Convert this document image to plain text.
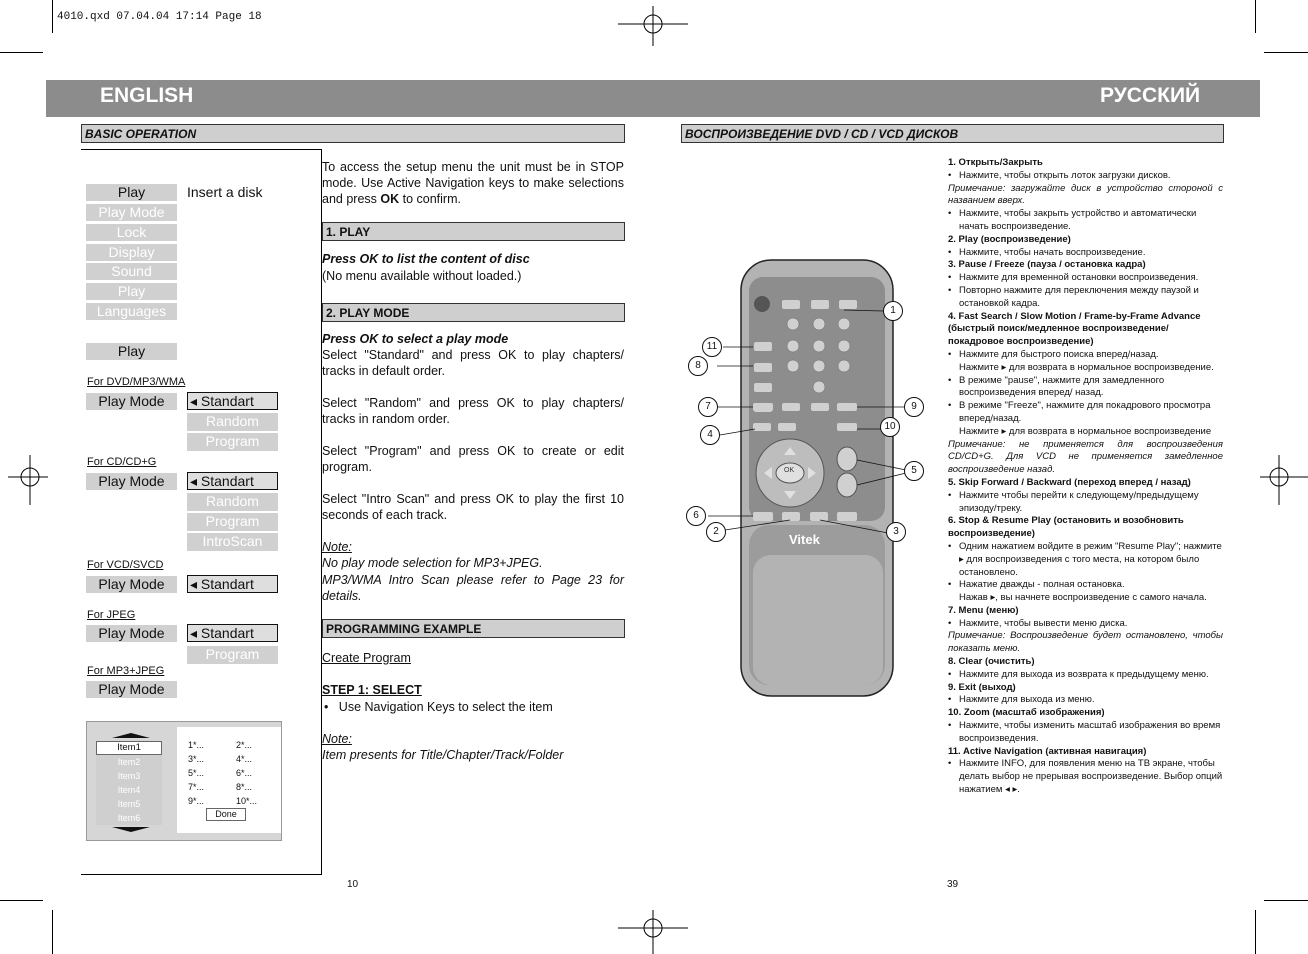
4010.qxd 07.04.04 17:14 Page 18
ENGLISH	РУССКИЙ
BASIC OPERATION
Play
Play Mode
Lock
Display
Sound
Play
Languages
Insert a disk
Play
For DVD/MP3/WMA
Play Mode	◂ Standart
Random
Program
For CD/CD+G
Play Mode	◂ Standart
Random
Program
IntroScan
For VCD/SVCD
Play Mode	◂ Standart
For JPEG
Play Mode	◂ Standart
Program
For MP3+JPEG
Play Mode
Item1
Item2
Item3
Item4
Item5
Item6
1*...	2*...
3*...	4*...
5*...	6*...
7*...	8*...
9*...	10*...
Done
To access the setup menu the unit must be in STOP mode. Use Active Navigation keys to make selections and press OK to confirm.
1. PLAY
Press OK to list the content of disc
(No menu available without loaded.)
2. PLAY MODE
Press OK to select a play mode
Select "Standard" and press OK to play chapters/ tracks in default order.
Select "Random" and press OK to play chapters/ tracks in random order.
Select "Program" and press OK to create or edit program.
Select "Intro Scan" and press OK to play the first 10 seconds of each track.
Note:
No play mode selection for MP3+JPEG.
MP3/WMA Intro Scan please refer to Page 23 for details.
PROGRAMMING EXAMPLE
Create Program
STEP 1: SELECT
•   Use Navigation Keys to select the item
Note:
Item presents for Title/Chapter/Track/Folder
10
ВОСПРОИЗВЕДЕНИЕ DVD / CD / VCD ДИСКОВ
Vitek
OK
1
2	3
4
5
6
7
8
9
10
11
1. Открыть/Закрыть
• Нажмите, чтобы открыть лоток загрузки дисков.
Примечание: загружайте диск в устройство стороной с названием вверх.
• Нажмите, чтобы закрыть устройство и автоматически начать воспроизведение.
2. Play (воспроизведение)
• Нажмите, чтобы начать воспроизведение.
3. Pause / Freeze (пауза / остановка кадра)
• Нажмите для временной остановки воспроизведения.
• Повторно нажмите для переключения между паузой и остановкой кадра.
4. Fast Search / Slow Motion / Frame-by-Frame Advance (быстрый поиск/медленное воспроизведение/ покадровое воспроизведение)
• Нажмите для быстрого поиска вперед/назад.
Нажмите ▸ для возврата в нормальное воспроизведение.
• В режиме "pause", нажмите для замедленного воспроизведения вперед/ назад.
• В режиме "Freeze", нажмите для покадрового просмотра вперед/назад.
Нажмите ▸ для возврата в нормальное воспроизведение
Примечание: не применяется для воспроизведения CD/CD+G. Для VCD не применяется замедленное воспроизведение назад.
5. Skip Forward / Backward (переход вперед / назад)
• Нажмите чтобы перейти к следующему/предыдущему эпизоду/треку.
6. Stop & Resume Play (остановить и возобновить воспроизведение)
• Одним нажатием войдите в режим "Resume Play"; нажмите ▸ для воспроизведения с того места, на котором было остановлено.
• Нажатие дважды - полная остановка.
Нажав ▸, вы начнете воспроизведение с самого начала.
7. Menu (меню)
• Нажмите, чтобы вывести меню диска.
Примечание: Воспроизведение будет остановлено, чтобы показать меню.
8. Clear (очистить)
• Нажмите для выхода из возврата к предыдущему меню.
9. Exit (выход)
• Нажмите для выхода из меню.
10. Zoom (масштаб изображения)
• Нажмите, чтобы изменить масштаб изображения во время воспроизведения.
11. Active Navigation (активная навигация)
• Нажмите INFO, для появления меню на ТВ экране, чтобы делать выбор не прерывая воспроизведение. Выбор опций нажатием ◂ ▸.
39
